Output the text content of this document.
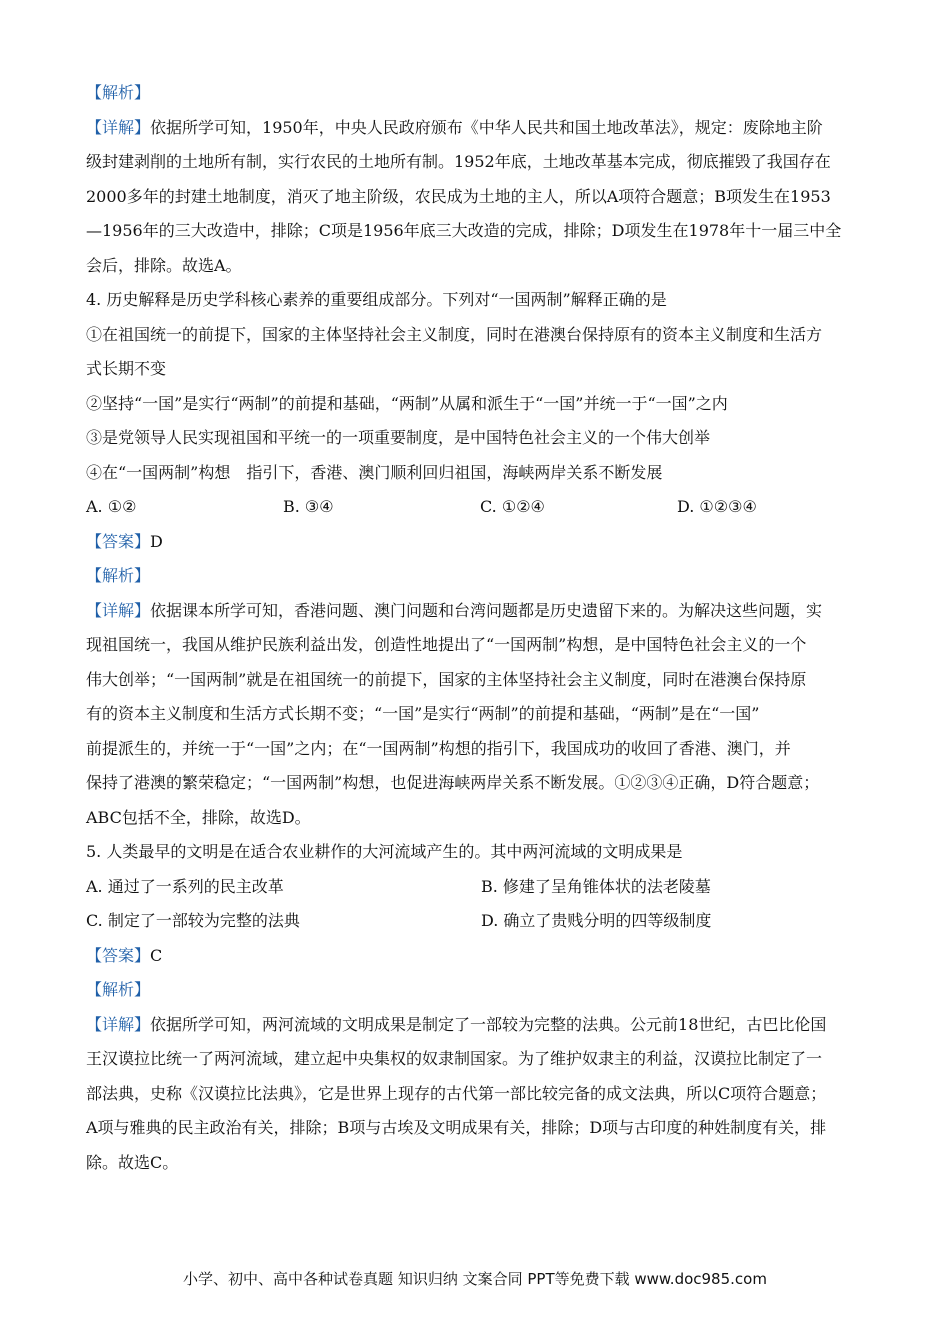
【解析】
【详解】依据所学可知，1950年，中央人民政府颁布《中华人民共和国土地改革法》，规定：废除地主阶
级封建剥削的土地所有制，实行农民的土地所有制。1952年底，土地改革基本完成，彻底摧毁了我国存在
2000多年的封建土地制度，消灭了地主阶级，农民成为土地的主人，所以A项符合题意；B项发生在1953
—1956年的三大改造中，排除；C项是1956年底三大改造的完成，排除；D项发生在1978年十一届三中全
会后，排除。故选A。
4. 历史解释是历史学科核心素养的重要组成部分。下列对“一国两制”解释正确的是
①在祖国统一的前提下，国家的主体坚持社会主义制度，同时在港澳台保持原有的资本主义制度和生活方
式长期不变
②坚持“一国”是实行“两制”的前提和基础，“两制”从属和派生于“一国”并统一于“一国”之内
③是党领导人民实现祖国和平统一的一项重要制度，是中国特色社会主义的一个伟大创举
④在“一国两制”构想　指引下，香港、澳门顺利回归祖国，海峡两岸关系不断发展
A. ①②	B. ③④	C. ①②④	D. ①②③④
【答案】D
【解析】
【详解】依据课本所学可知，香港问题、澳门问题和台湾问题都是历史遗留下来的。为解决这些问题，实
现祖国统一，我国从维护民族利益出发，创造性地提出了“一国两制”构想，是中国特色社会主义的一个
伟大创举；“一国两制”就是在祖国统一的前提下，国家的主体坚持社会主义制度，同时在港澳台保持原
有的资本主义制度和生活方式长期不变；“一国”是实行“两制”的前提和基础，“两制”是在“一国”
前提派生的，并统一于“一国”之内；在“一国两制”构想的指引下，我国成功的收回了香港、澳门，并
保持了港澳的繁荣稳定；“一国两制”构想，也促进海峡两岸关系不断发展。①②③④正确，D符合题意；
ABC包括不全，排除，故选D。
5. 人类最早的文明是在适合农业耕作的大河流域产生的。其中两河流域的文明成果是
A. 通过了一系列的民主改革	B. 修建了呈角锥体状的法老陵墓
C. 制定了一部较为完整的法典	D. 确立了贵贱分明的四等级制度
【答案】C
【解析】
【详解】依据所学可知，两河流域的文明成果是制定了一部较为完整的法典。公元前18世纪，古巴比伦国
王汉谟拉比统一了两河流域，建立起中央集权的奴隶制国家。为了维护奴隶主的利益，汉谟拉比制定了一
部法典，史称《汉谟拉比法典》，它是世界上现存的古代第一部比较完备的成文法典，所以C项符合题意；
A项与雅典的民主政治有关，排除；B项与古埃及文明成果有关，排除；D项与古印度的种姓制度有关，排
除。故选C。
小学、初中、高中各种试卷真题 知识归纳 文案合同 PPT等免费下载 www.doc985.com
